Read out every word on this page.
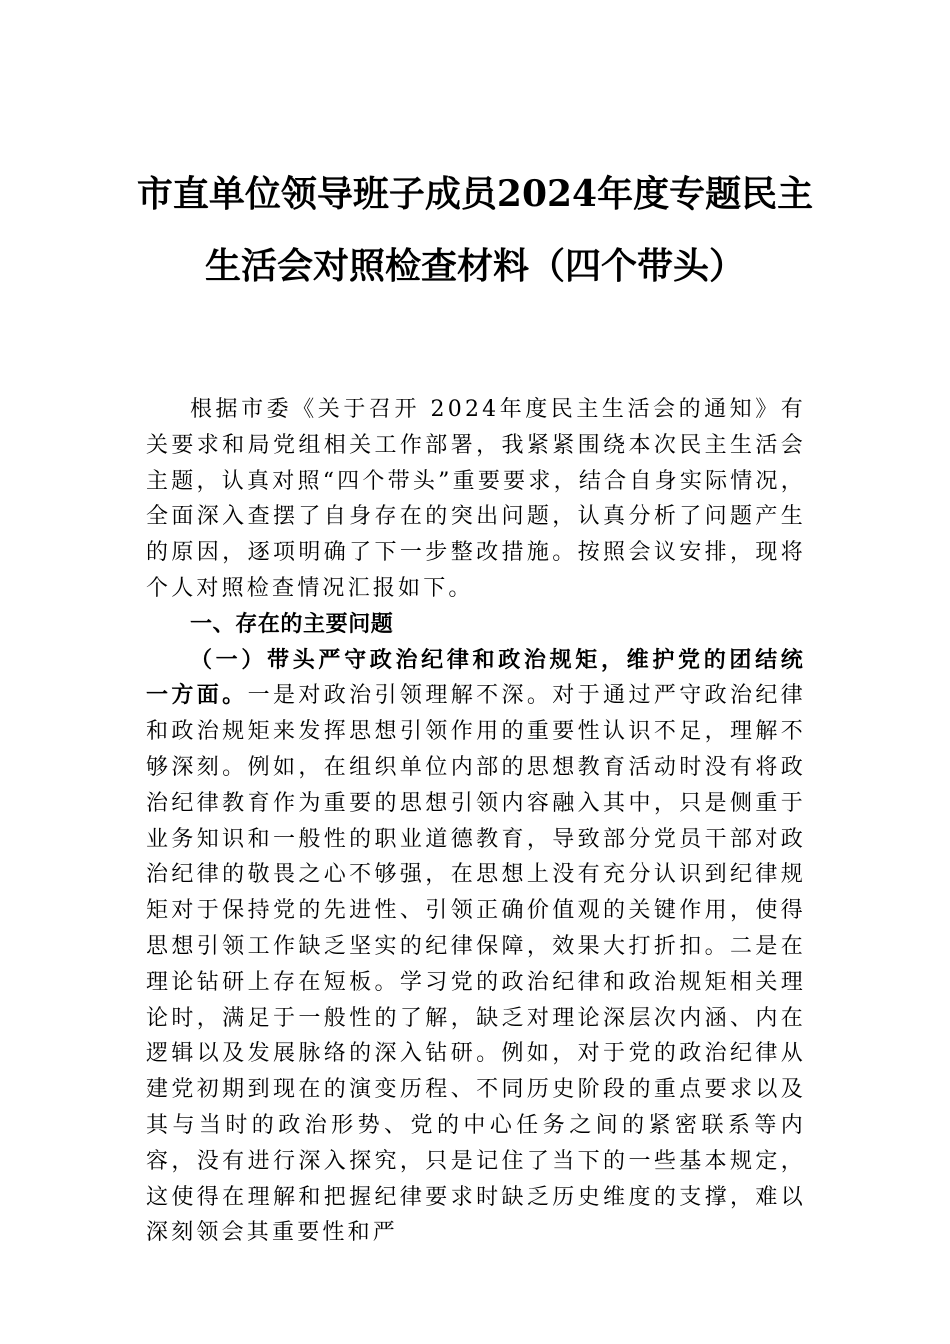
市直单位领导班子成员2024年度专题民主
生活会对照检查材料（四个带头）

根据市委《关于召开 2024年度民主生活会的通知》有关要求和局党组相关工作部署，我紧紧围绕本次民主生活会主题，认真对照“四个带头”重要要求，结合自身实际情况，全面深入查摆了自身存在的突出问题，认真分析了问题产生的原因，逐项明确了下一步整改措施。按照会议安排，现将个人对照检查情况汇报如下。

一、存在的主要问题

（一）带头严守政治纪律和政治规矩，维护党的团结统一方面。一是对政治引领理解不深。对于通过严守政治纪律和政治规矩来发挥思想引领作用的重要性认识不足，理解不够深刻。例如，在组织单位内部的思想教育活动时没有将政治纪律教育作为重要的思想引领内容融入其中，只是侧重于业务知识和一般性的职业道德教育，导致部分党员干部对政治纪律的敬畏之心不够强，在思想上没有充分认识到纪律规矩对于保持党的先进性、引领正确价值观的关键作用，使得思想引领工作缺乏坚实的纪律保障，效果大打折扣。二是在理论钻研上存在短板。学习党的政治纪律和政治规矩相关理论时，满足于一般性的了解，缺乏对理论深层次内涵、内在逻辑以及发展脉络的深入钻研。例如，对于党的政治纪律从建党初期到现在的演变历程、不同历史阶段的重点要求以及其与当时的政治形势、党的中心任务之间的紧密联系等内容，没有进行深入探究，只是记住了当下的一些基本规定，这使得在理解和把握纪律要求时缺乏历史维度的支撑，难以深刻领会其重要性和严
